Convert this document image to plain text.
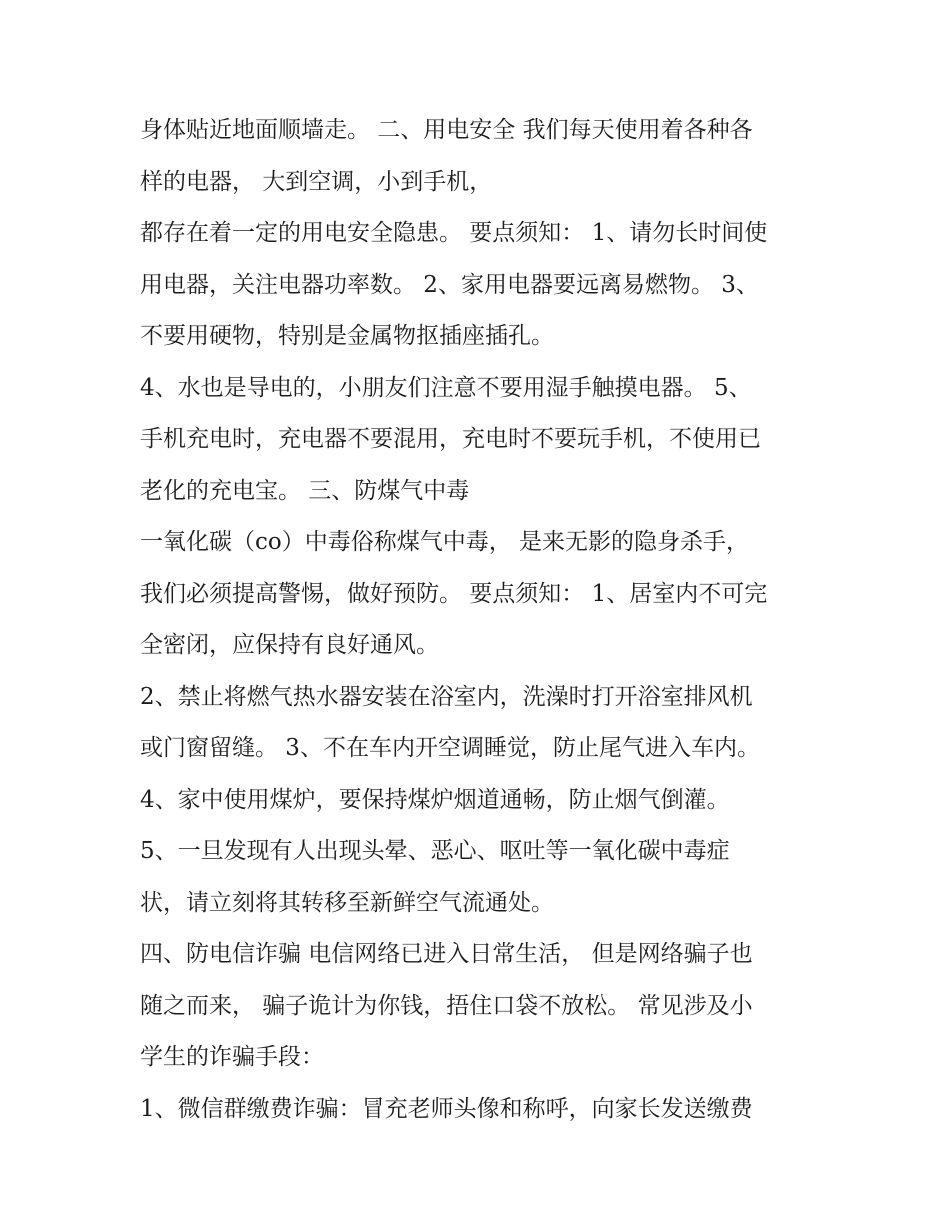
身体贴近地面顺墙走。 二、用电安全 我们每天使用着各种各
样的电器， 大到空调，小到手机，
都存在着一定的用电安全隐患。 要点须知： 1、请勿长时间使
用电器，关注电器功率数。 2、家用电器要远离易燃物。 3、
不要用硬物，特别是金属物抠插座插孔。
4、水也是导电的，小朋友们注意不要用湿手触摸电器。 5、
手机充电时，充电器不要混用，充电时不要玩手机，不使用已
老化的充电宝。 三、防煤气中毒
一氧化碳（co）中毒俗称煤气中毒， 是来无影的隐身杀手，
我们必须提高警惕，做好预防。 要点须知： 1、居室内不可完
全密闭，应保持有良好通风。
2、禁止将燃气热水器安装在浴室内，洗澡时打开浴室排风机
或门窗留缝。 3、不在车内开空调睡觉，防止尾气进入车内。
4、家中使用煤炉，要保持煤炉烟道通畅，防止烟气倒灌。
5、一旦发现有人出现头晕、恶心、呕吐等一氧化碳中毒症
状，请立刻将其转移至新鲜空气流通处。
四、防电信诈骗 电信网络已进入日常生活， 但是网络骗子也
随之而来， 骗子诡计为你钱，捂住口袋不放松。 常见涉及小
学生的诈骗手段：
1、微信群缴费诈骗：冒充老师头像和称呼，向家长发送缴费
